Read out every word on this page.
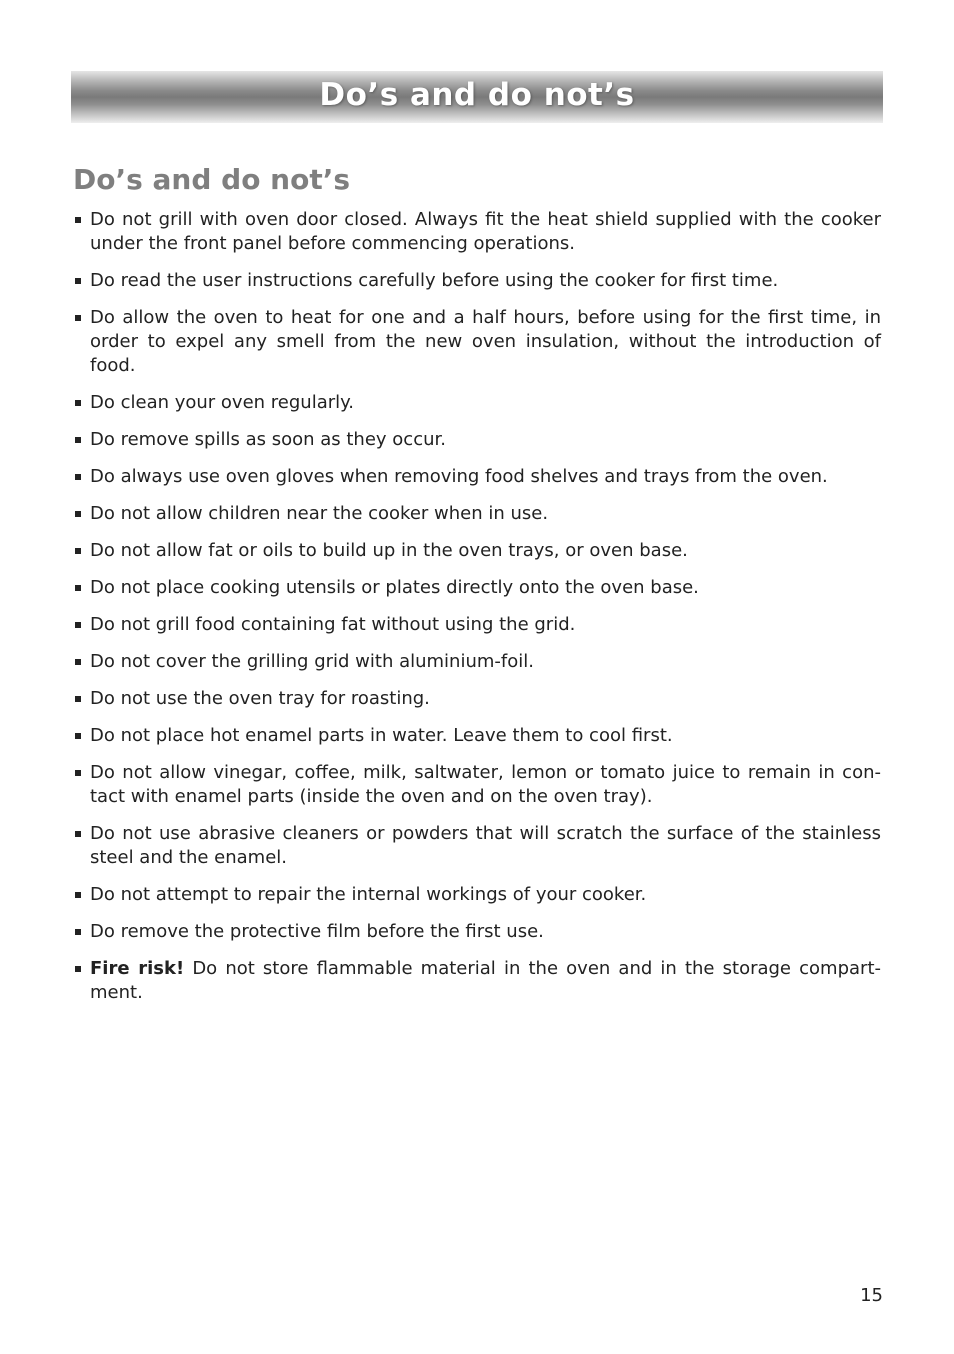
Do’s and do not’s
Do’s and do not’s
Do not grill with oven door closed. Always fit the heat shield supplied with the cooker under the front panel before commencing operations.
Do read the user instructions carefully before using the cooker for first time.
Do allow the oven to heat for one and a half hours, before using for the first time, in order to expel any smell from the new oven insulation, without the introduction of food.
Do clean your oven regularly.
Do remove spills as soon as they occur.
Do always use oven gloves when removing food shelves and trays from the oven.
Do not allow children near the cooker when in use.
Do not allow fat or oils to build up in the oven trays, or oven base.
Do not place cooking utensils or plates directly onto the oven base.
Do not grill food containing fat without using the grid.
Do not cover the grilling grid with aluminium-foil.
Do not use the oven tray for roasting.
Do not place hot enamel parts in water. Leave them to cool first.
Do not allow vinegar, coffee, milk, saltwater, lemon or tomato juice to remain in con-tact with enamel parts (inside the oven and on the oven tray).
Do not use abrasive cleaners or powders that will scratch the surface of the stainless steel and the enamel.
Do not attempt to repair the internal workings of your cooker.
Do remove the protective film before the first use.
Fire risk! Do not store flammable material in the oven and in the storage compart-ment.
15
